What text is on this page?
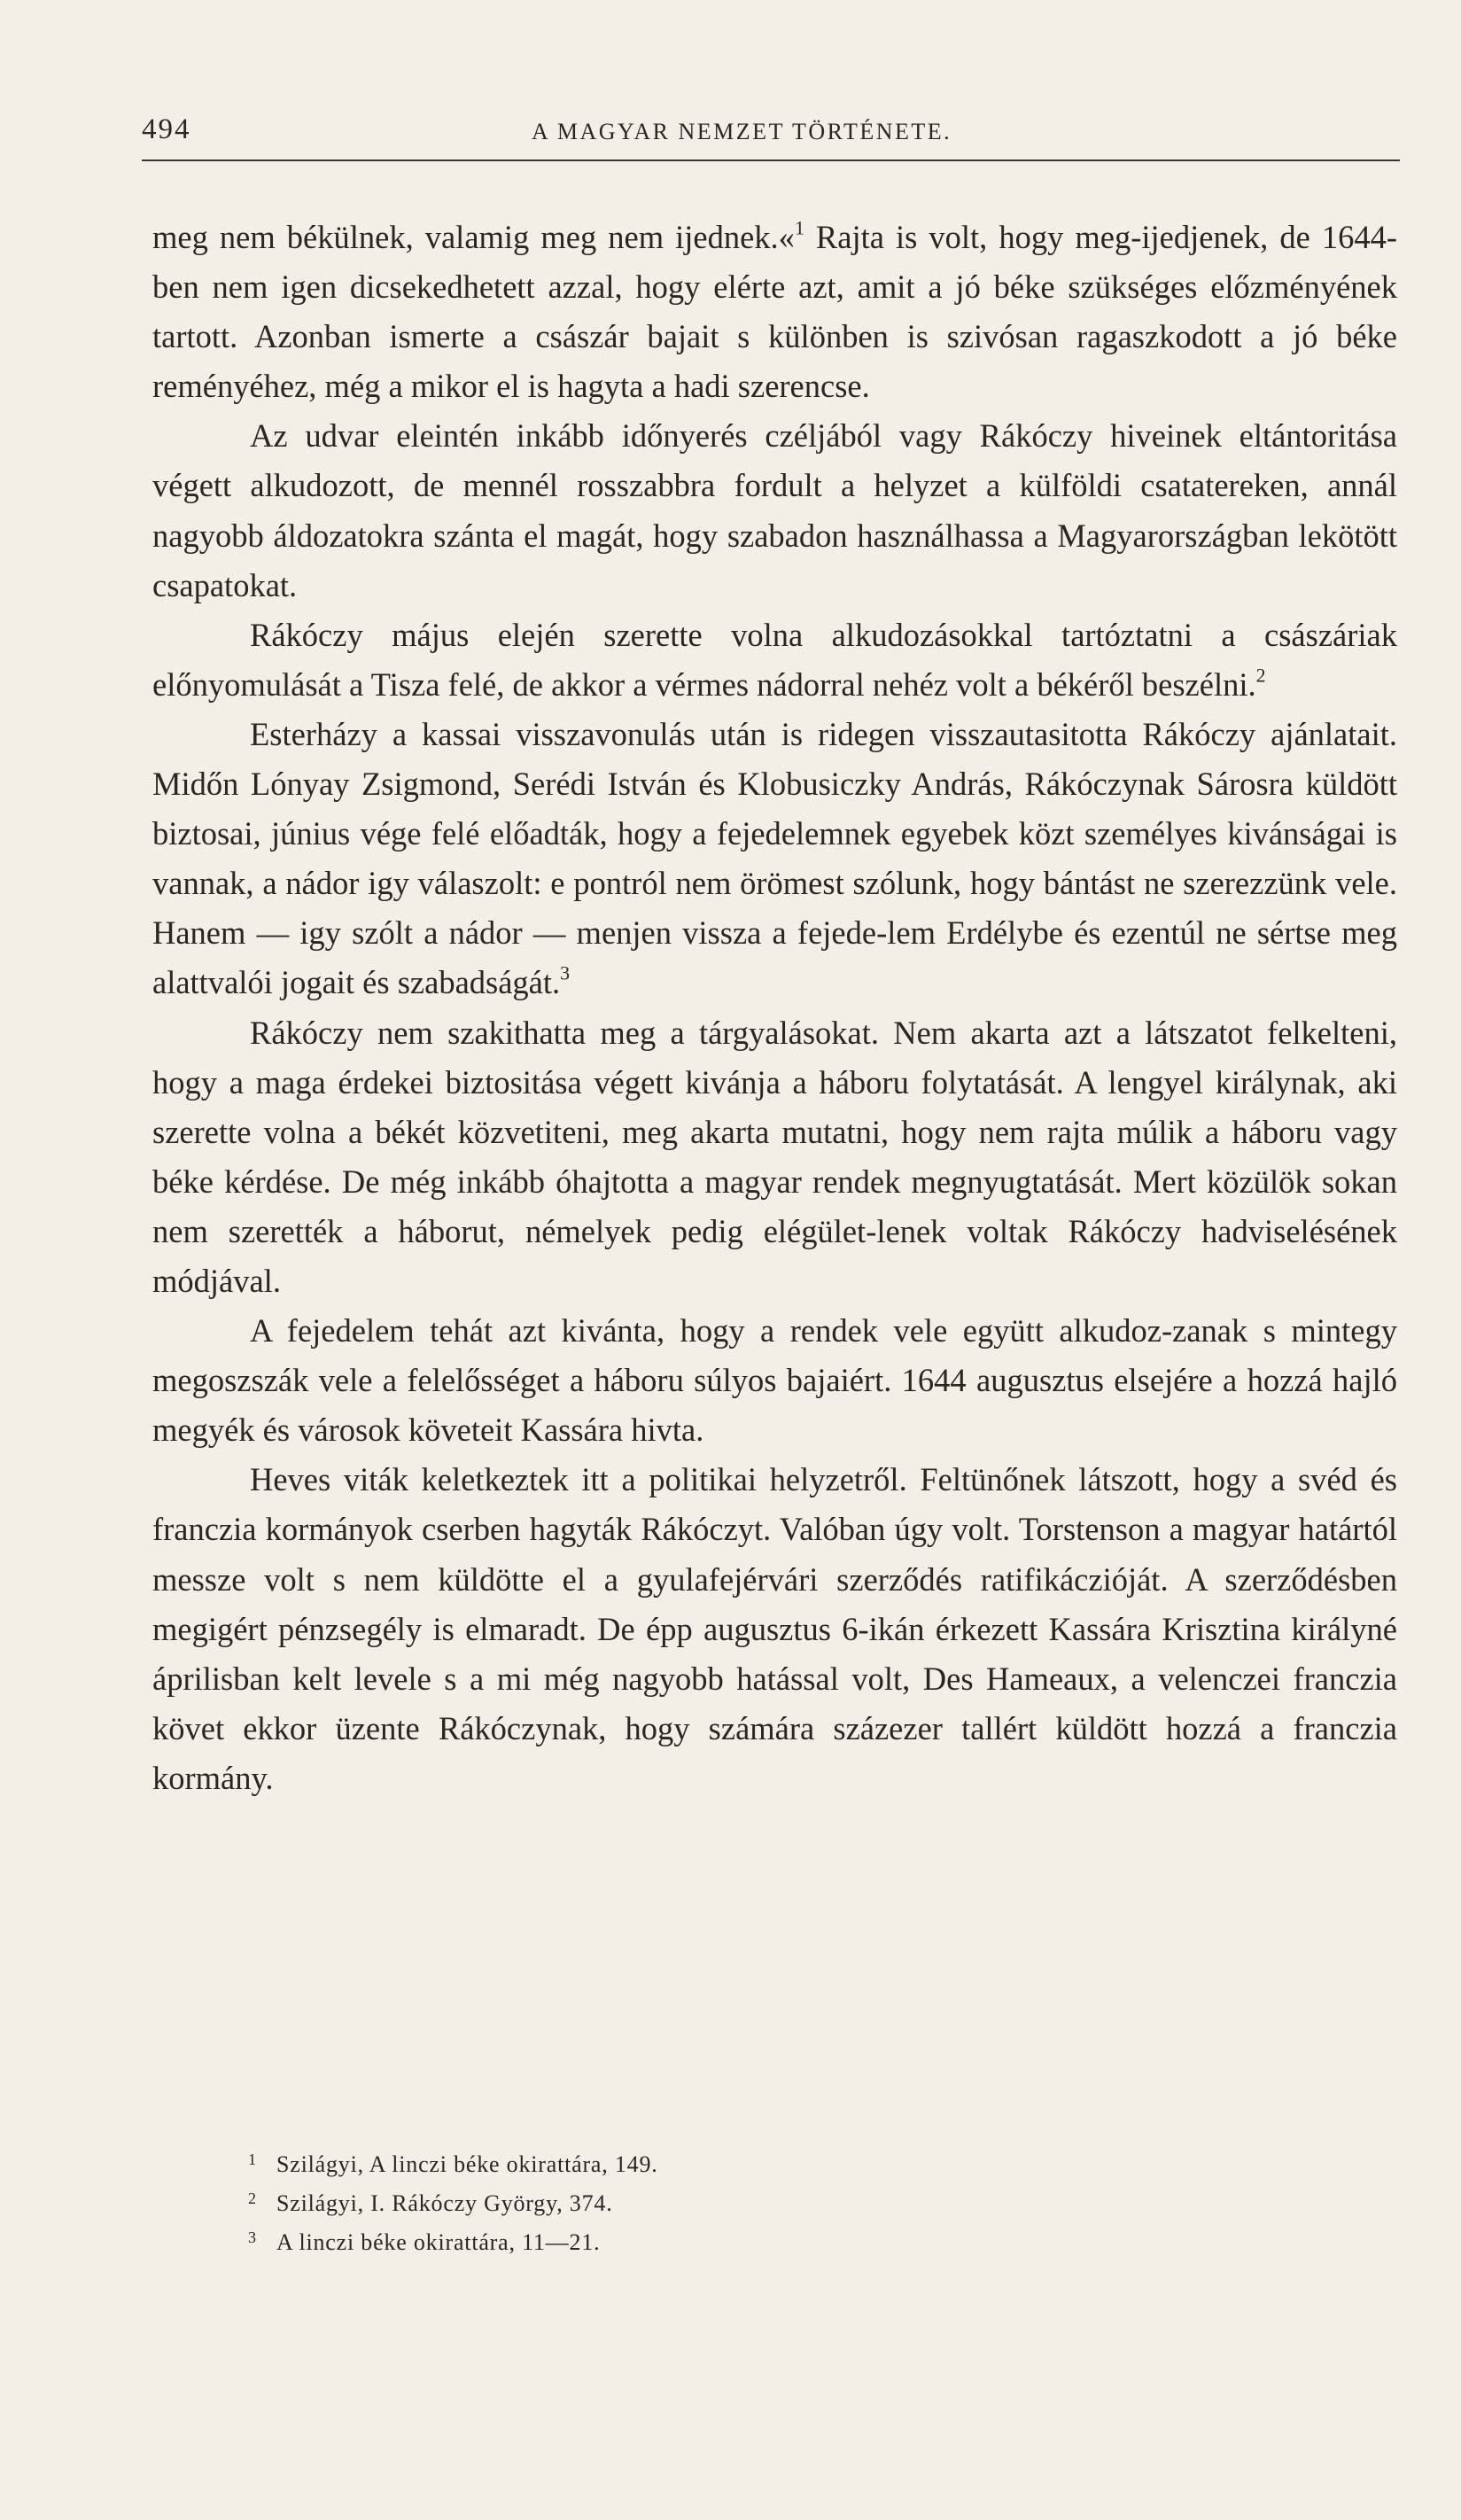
494	A MAGYAR NEMZET TÖRTÉNETE.

meg nem békülnek, valamig meg nem ijednek.«$^1$ Rajta is volt, hogy meg-ijedjenek, de 1644-ben nem igen dicsekedhetett azzal, hogy elérte azt, amit a jó béke szükséges előzményének tartott. Azonban ismerte a császár bajait s különben is szivósan ragaszkodott a jó béke reményéhez, még a mikor el is hagyta a hadi szerencse.

Az udvar eleintén inkább időnyerés czéljából vagy Rákóczy hiveinek eltántoritása végett alkudozott, de mennél rosszabbra fordult a helyzet a külföldi csatatereken, annál nagyobb áldozatokra szánta el magát, hogy szabadon használhassa a Magyarországban lekötött csapatokat.

Rákóczy május elején szerette volna alkudozásokkal tartóztatni a császáriak előnyomulását a Tisza felé, de akkor a vérmes nádorral nehéz volt a békéről beszélni.$^2$

Esterházy a kassai visszavonulás után is ridegen visszautasitotta Rákóczy ajánlatait. Midőn Lónyay Zsigmond, Serédi István és Klobusiczky András, Rákóczynak Sárosra küldött biztosai, június vége felé előadták, hogy a fejedelemnek egyebek közt személyes kivánságai is vannak, a nádor igy válaszolt: e pontról nem örömest szólunk, hogy bántást ne szerezzünk vele. Hanem — igy szólt a nádor — menjen vissza a fejede-lem Erdélybe és ezentúl ne sértse meg alattvalói jogait és szabadságát.$^3$

Rákóczy nem szakithatta meg a tárgyalásokat. Nem akarta azt a látszatot felkelteni, hogy a maga érdekei biztositása végett kivánja a háboru folytatását. A lengyel királynak, aki szerette volna a békét közvetiteni, meg akarta mutatni, hogy nem rajta múlik a háboru vagy béke kérdése. De még inkább óhajtotta a magyar rendek megnyugtatását. Mert közülök sokan nem szerették a háborut, némelyek pedig elégület-lenek voltak Rákóczy hadviselésének módjával.

A fejedelem tehát azt kivánta, hogy a rendek vele együtt alkudoz-zanak s mintegy megoszszák vele a felelősséget a háboru súlyos bajaiért. 1644 augusztus elsejére a hozzá hajló megyék és városok követeit Kassára hivta.

Heves viták keletkeztek itt a politikai helyzetről. Feltünőnek látszott, hogy a svéd és franczia kormányok cserben hagyták Rákóczyt. Valóban úgy volt. Torstenson a magyar határtól messze volt s nem küldötte el a gyulafejérvári szerződés ratifikáczióját. A szerződésben megigért pénzsegély is elmaradt. De épp augusztus 6-ikán érkezett Kassára Krisztina királyné áprilisban kelt levele s a mi még nagyobb hatással volt, Des Hameaux, a velenczei franczia követ ekkor üzente Rákóczynak, hogy számára százezer tallért küldött hozzá a franczia kormány.

1 Szilágyi, A linczi béke okirattára, 149.
2 Szilágyi, I. Rákóczy György, 374.
3 A linczi béke okirattára, 11—21.
